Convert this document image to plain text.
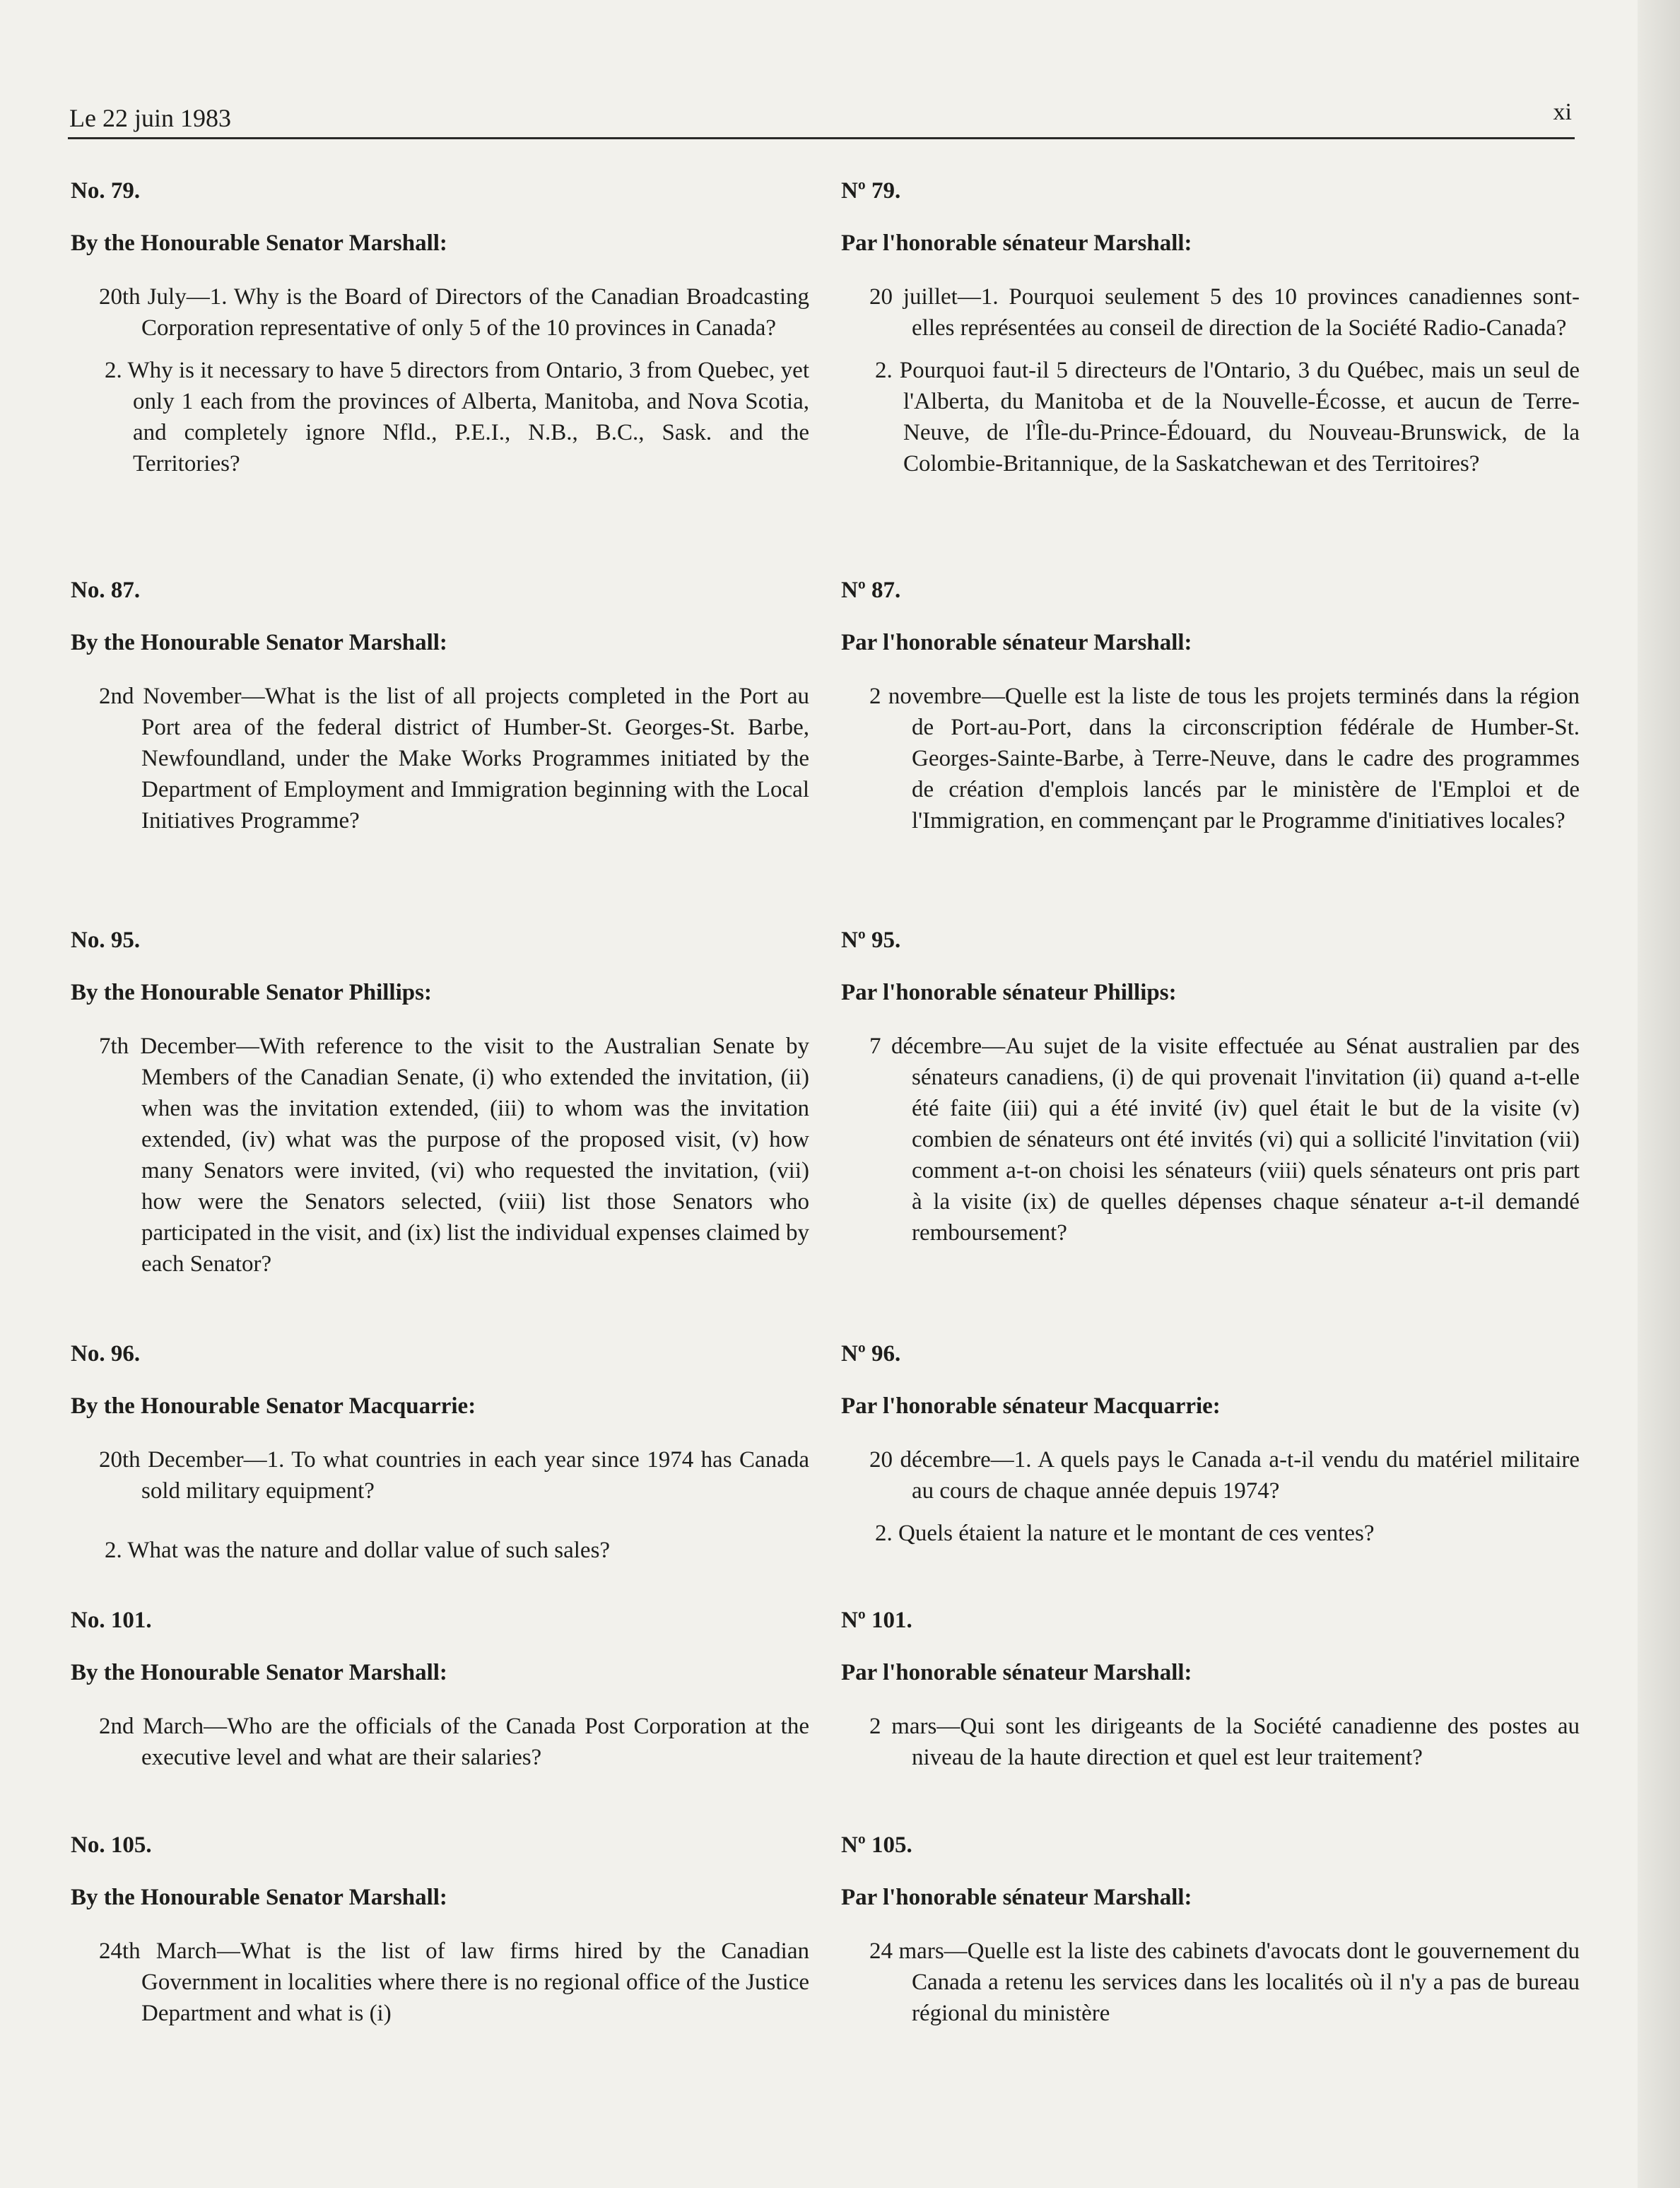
Le 22 juin 1983	xi

No. 79.

By the Honourable Senator Marshall:

20th July—1. Why is the Board of Directors of the Canadian Broadcasting Corporation representative of only 5 of the 10 provinces in Canada?

2. Why is it necessary to have 5 directors from Ontario, 3 from Quebec, yet only 1 each from the provinces of Alberta, Manitoba, and Nova Scotia, and completely ignore Nfld., P.E.I., N.B., B.C., Sask. and the Territories?

No. 87.

By the Honourable Senator Marshall:

2nd November—What is the list of all projects completed in the Port au Port area of the federal district of Humber-St. Georges-St. Barbe, Newfoundland, under the Make Works Programmes initiated by the Department of Employment and Immigration beginning with the Local Initiatives Programme?

No. 95.

By the Honourable Senator Phillips:

7th December—With reference to the visit to the Australian Senate by Members of the Canadian Senate, (i) who extended the invitation, (ii) when was the invitation extended, (iii) to whom was the invitation extended, (iv) what was the purpose of the proposed visit, (v) how many Senators were invited, (vi) who requested the invitation, (vii) how were the Senators selected, (viii) list those Senators who participated in the visit, and (ix) list the individual expenses claimed by each Senator?

No. 96.

By the Honourable Senator Macquarrie:

20th December—1. To what countries in each year since 1974 has Canada sold military equipment?

2. What was the nature and dollar value of such sales?

No. 101.

By the Honourable Senator Marshall:

2nd March—Who are the officials of the Canada Post Corporation at the executive level and what are their salaries?

No. 105.

By the Honourable Senator Marshall:

24th March—What is the list of law firms hired by the Canadian Government in localities where there is no regional office of the Justice Department and what is (i)

Nº 79.

Par l'honorable sénateur Marshall:

20 juillet—1. Pourquoi seulement 5 des 10 provinces canadiennes sont-elles représentées au conseil de direction de la Société Radio-Canada?

2. Pourquoi faut-il 5 directeurs de l'Ontario, 3 du Québec, mais un seul de l'Alberta, du Manitoba et de la Nouvelle-Écosse, et aucun de Terre-Neuve, de l'Île-du-Prince-Édouard, du Nouveau-Brunswick, de la Colombie-Britannique, de la Saskatchewan et des Territoires?

Nº 87.

Par l'honorable sénateur Marshall:

2 novembre—Quelle est la liste de tous les projets terminés dans la région de Port-au-Port, dans la circonscription fédérale de Humber-St. Georges-Sainte-Barbe, à Terre-Neuve, dans le cadre des programmes de création d'emplois lancés par le ministère de l'Emploi et de l'Immigration, en commençant par le Programme d'initiatives locales?

Nº 95.

Par l'honorable sénateur Phillips:

7 décembre—Au sujet de la visite effectuée au Sénat australien par des sénateurs canadiens, (i) de qui provenait l'invitation (ii) quand a-t-elle été faite (iii) qui a été invité (iv) quel était le but de la visite (v) combien de sénateurs ont été invités (vi) qui a sollicité l'invitation (vii) comment a-t-on choisi les sénateurs (viii) quels sénateurs ont pris part à la visite (ix) de quelles dépenses chaque sénateur a-t-il demandé remboursement?

Nº 96.

Par l'honorable sénateur Macquarrie:

20 décembre—1. A quels pays le Canada a-t-il vendu du matériel militaire au cours de chaque année depuis 1974?

2. Quels étaient la nature et le montant de ces ventes?

Nº 101.

Par l'honorable sénateur Marshall:

2 mars—Qui sont les dirigeants de la Société canadienne des postes au niveau de la haute direction et quel est leur traitement?

Nº 105.

Par l'honorable sénateur Marshall:

24 mars—Quelle est la liste des cabinets d'avocats dont le gouvernement du Canada a retenu les services dans les localités où il n'y a pas de bureau régional du ministère
